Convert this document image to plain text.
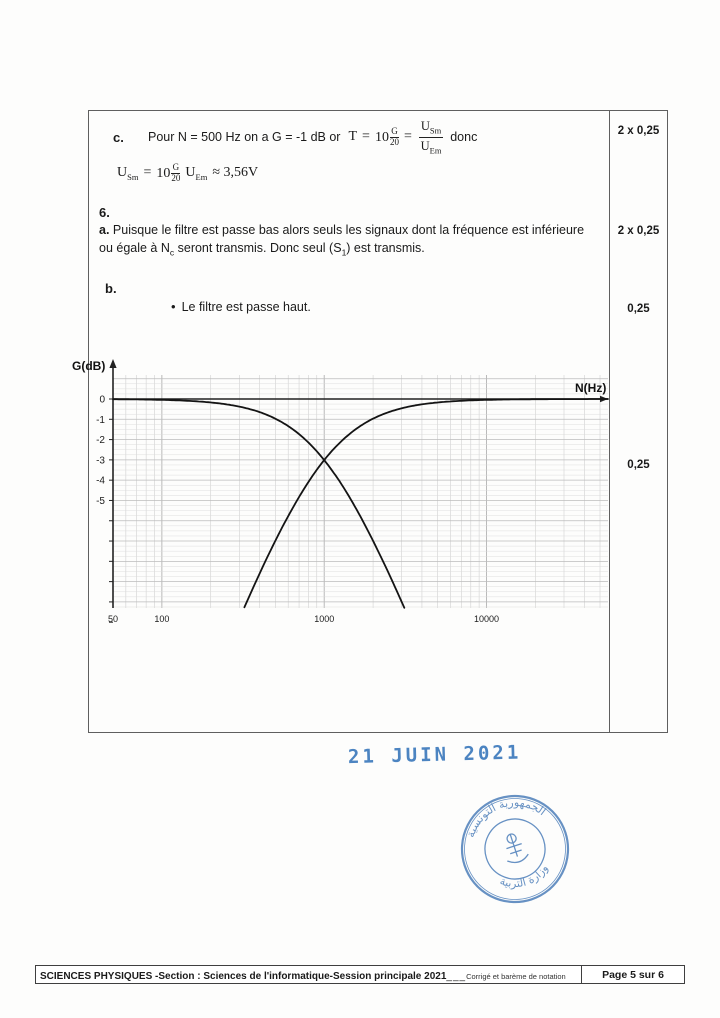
c.	Pour N = 500 Hz on a G = -1 dB or $T = 10 \frac{G}{20} = \frac{U_{Sm}}{U_{Em}}$ donc
$U_{Sm} = 10 \frac{G}{20} U_{Em} \approx 3,56V$
6.
a. Puisque le filtre est passe bas alors seuls les signaux dont la fréquence est inférieure ou égale à $N_c$ seront transmis. Donc seul $(S_1)$ est transmis.
b.
• Le filtre est passe haut.
2 x 0,25
2 x 0,25
0,25
0,25
0
-1
-2
-3
-4
-5
50	100	1000	10000
G(dB)
N(Hz)
21 JUIN 2021
الجمهورية التونسية
وزارة التربية
SCIENCES PHYSIQUES -Section : Sciences de l'informatique-Session principale 2021___Corrigé et barème de notation	Page 5 sur 6
